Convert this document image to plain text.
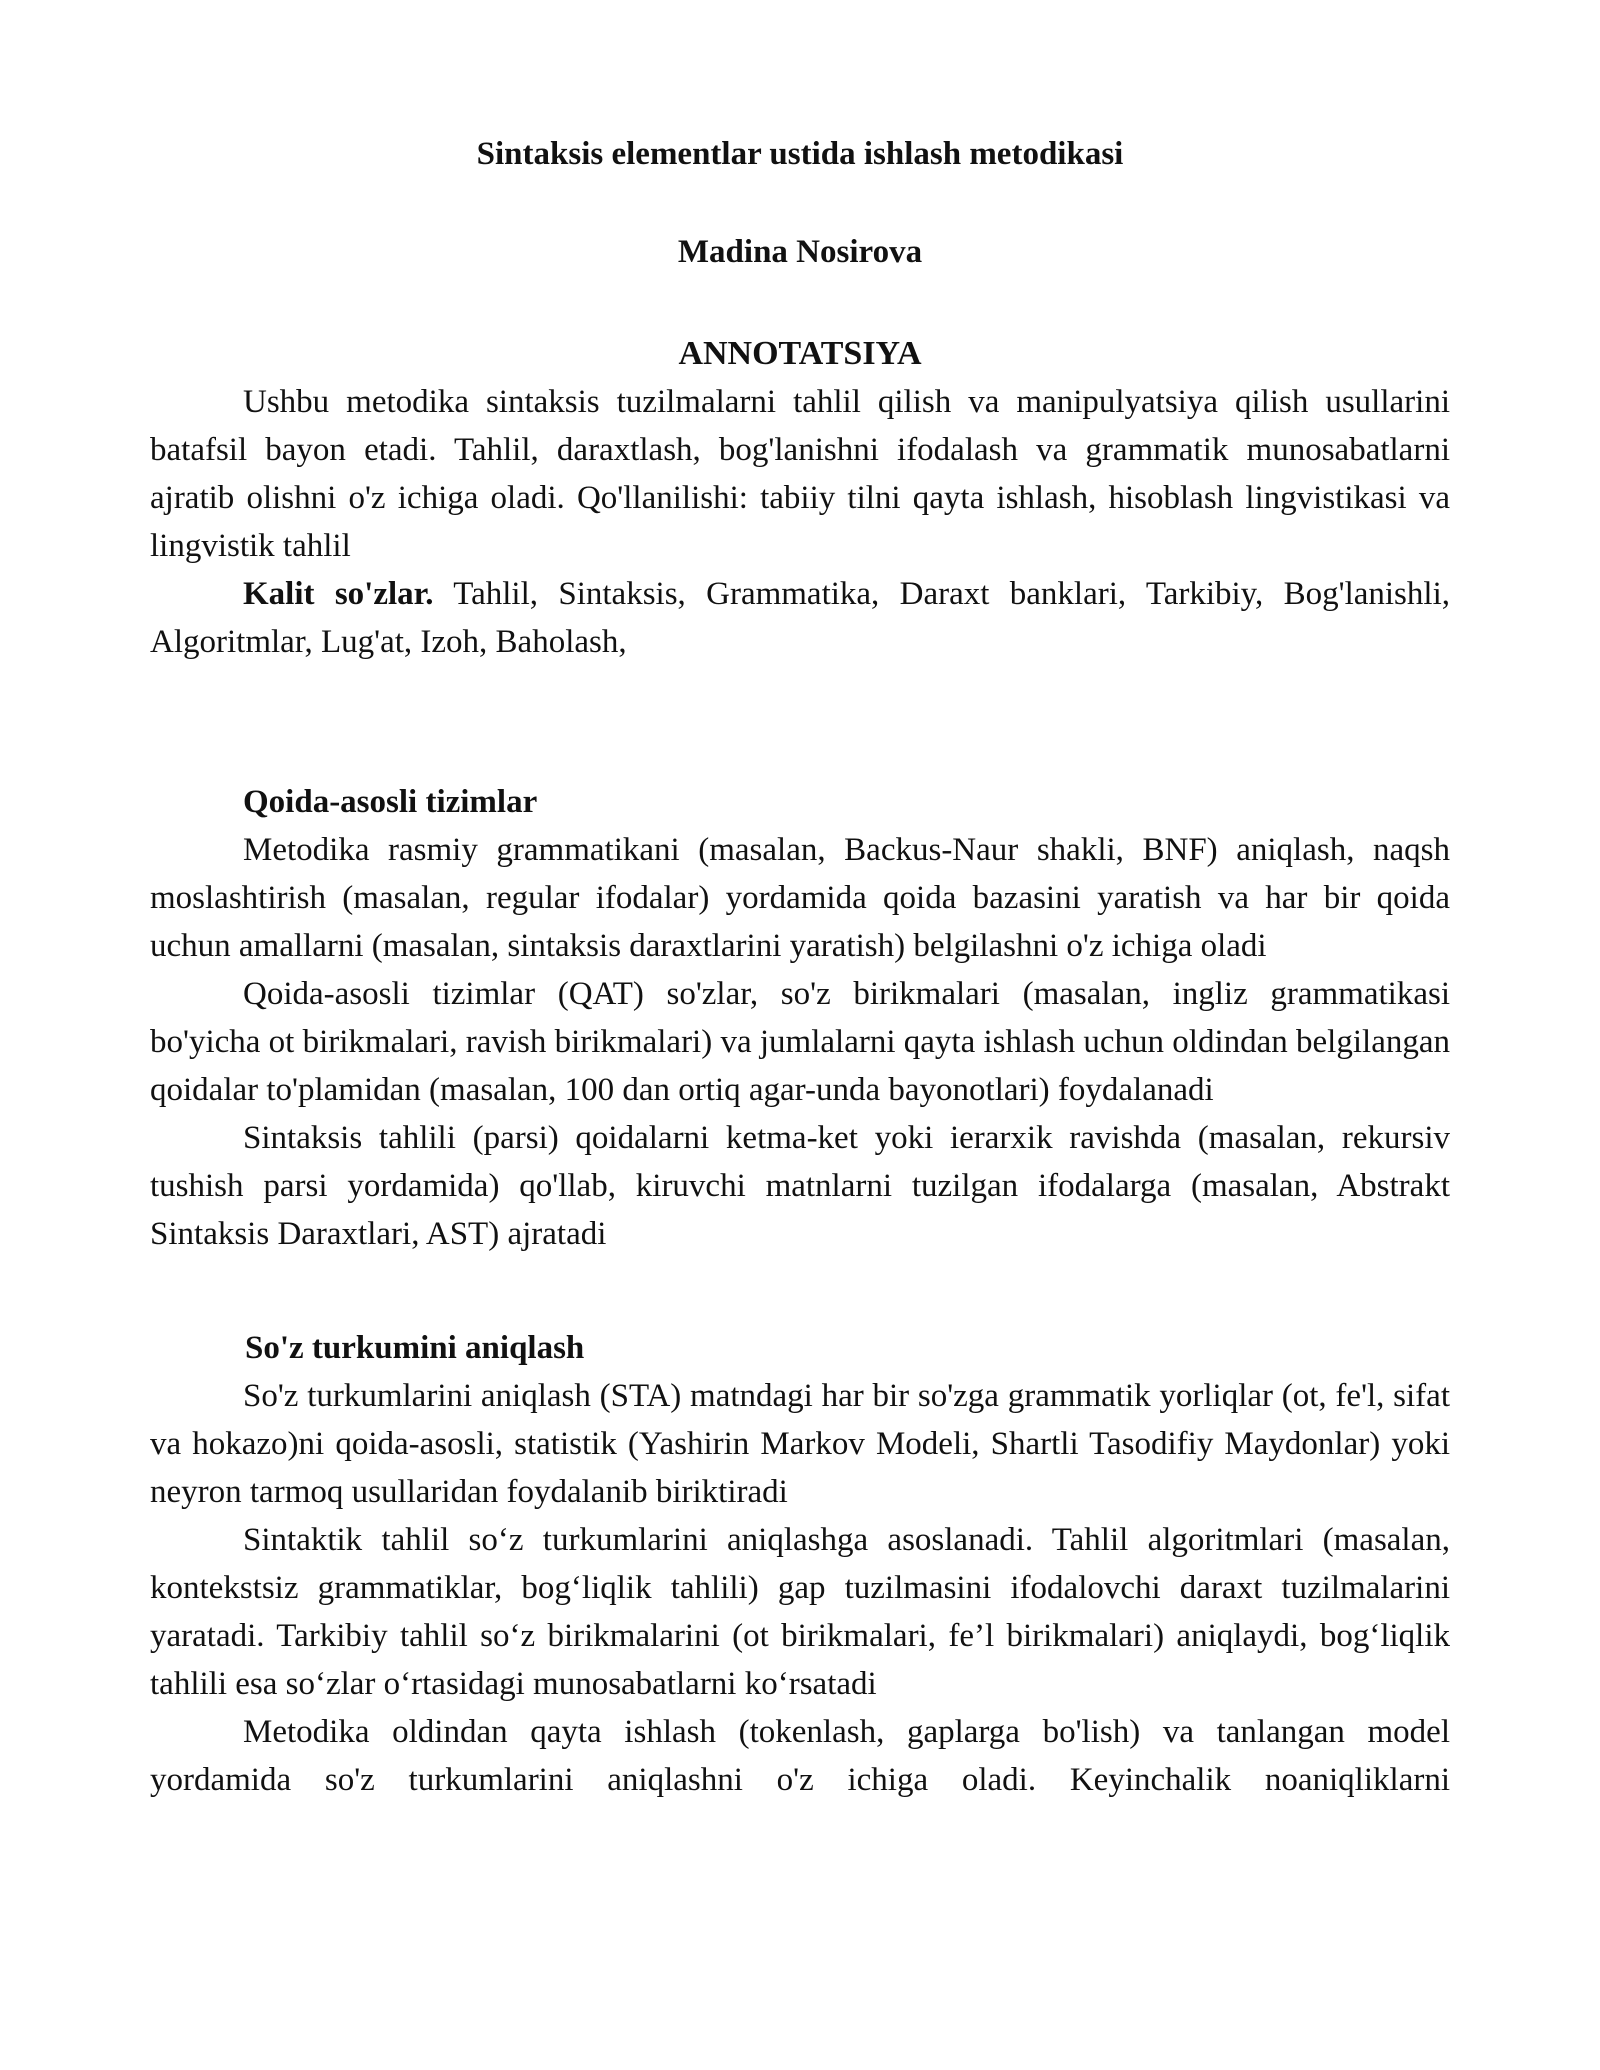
Sintaksis elementlar ustida ishlash metodikasi
Madina Nosirova
ANNOTATSIYA

Ushbu metodika sintaksis tuzilmalarni tahlil qilish va manipulyatsiya qilish usullarini batafsil bayon etadi. Tahlil, daraxtlash, bog'lanishni ifodalash va grammatik munosabatlarni ajratib olishni o'z ichiga oladi. Qo'llanilishi: tabiiy tilni qayta ishlash, hisoblash lingvistikasi va lingvistik tahlil

Kalit so'zlar. Tahlil, Sintaksis, Grammatika, Daraxt banklari, Tarkibiy, Bog'lanishli, Algoritmlar, Lug'at, Izoh, Baholash,

Qoida-asosli tizimlar

Metodika rasmiy grammatikani (masalan, Backus-Naur shakli, BNF) aniqlash, naqsh moslashtirish (masalan, regular ifodalar) yordamida qoida bazasini yaratish va har bir qoida uchun amallarni (masalan, sintaksis daraxtlarini yaratish) belgilashni o'z ichiga oladi

Qoida-asosli tizimlar (QAT) so'zlar, so'z birikmalari (masalan, ingliz grammatikasi bo'yicha ot birikmalari, ravish birikmalari) va jumlalarni qayta ishlash uchun oldindan belgilangan qoidalar to'plamidan (masalan, 100 dan ortiq agar-unda bayonotlari) foydalanadi

Sintaksis tahlili (parsi) qoidalarni ketma-ket yoki ierarxik ravishda (masalan, rekursiv tushish parsi yordamida) qo'llab, kiruvchi matnlarni tuzilgan ifodalarga (masalan, Abstrakt Sintaksis Daraxtlari, AST) ajratadi

So'z turkumini aniqlash

So'z turkumlarini aniqlash (STA) matndagi har bir so'zga grammatik yorliqlar (ot, fe'l, sifat va hokazo)ni qoida-asosli, statistik (Yashirin Markov Modeli, Shartli Tasodifiy Maydonlar) yoki neyron tarmoq usullaridan foydalanib biriktiradi

Sintaktik tahlil so‘z turkumlarini aniqlashga asoslanadi. Tahlil algoritmlari (masalan, kontekstsiz grammatiklar, bog‘liqlik tahlili) gap tuzilmasini ifodalovchi daraxt tuzilmalarini yaratadi. Tarkibiy tahlil so‘z birikmalarini (ot birikmalari, fe’l birikmalari) aniqlaydi, bog‘liqlik tahlili esa so‘zlar o‘rtasidagi munosabatlarni ko‘rsatadi

Metodika oldindan qayta ishlash (tokenlash, gaplarga bo'lish) va tanlangan model yordamida so'z turkumlarini aniqlashni o'z ichiga oladi. Keyinchalik noaniqliklarni
